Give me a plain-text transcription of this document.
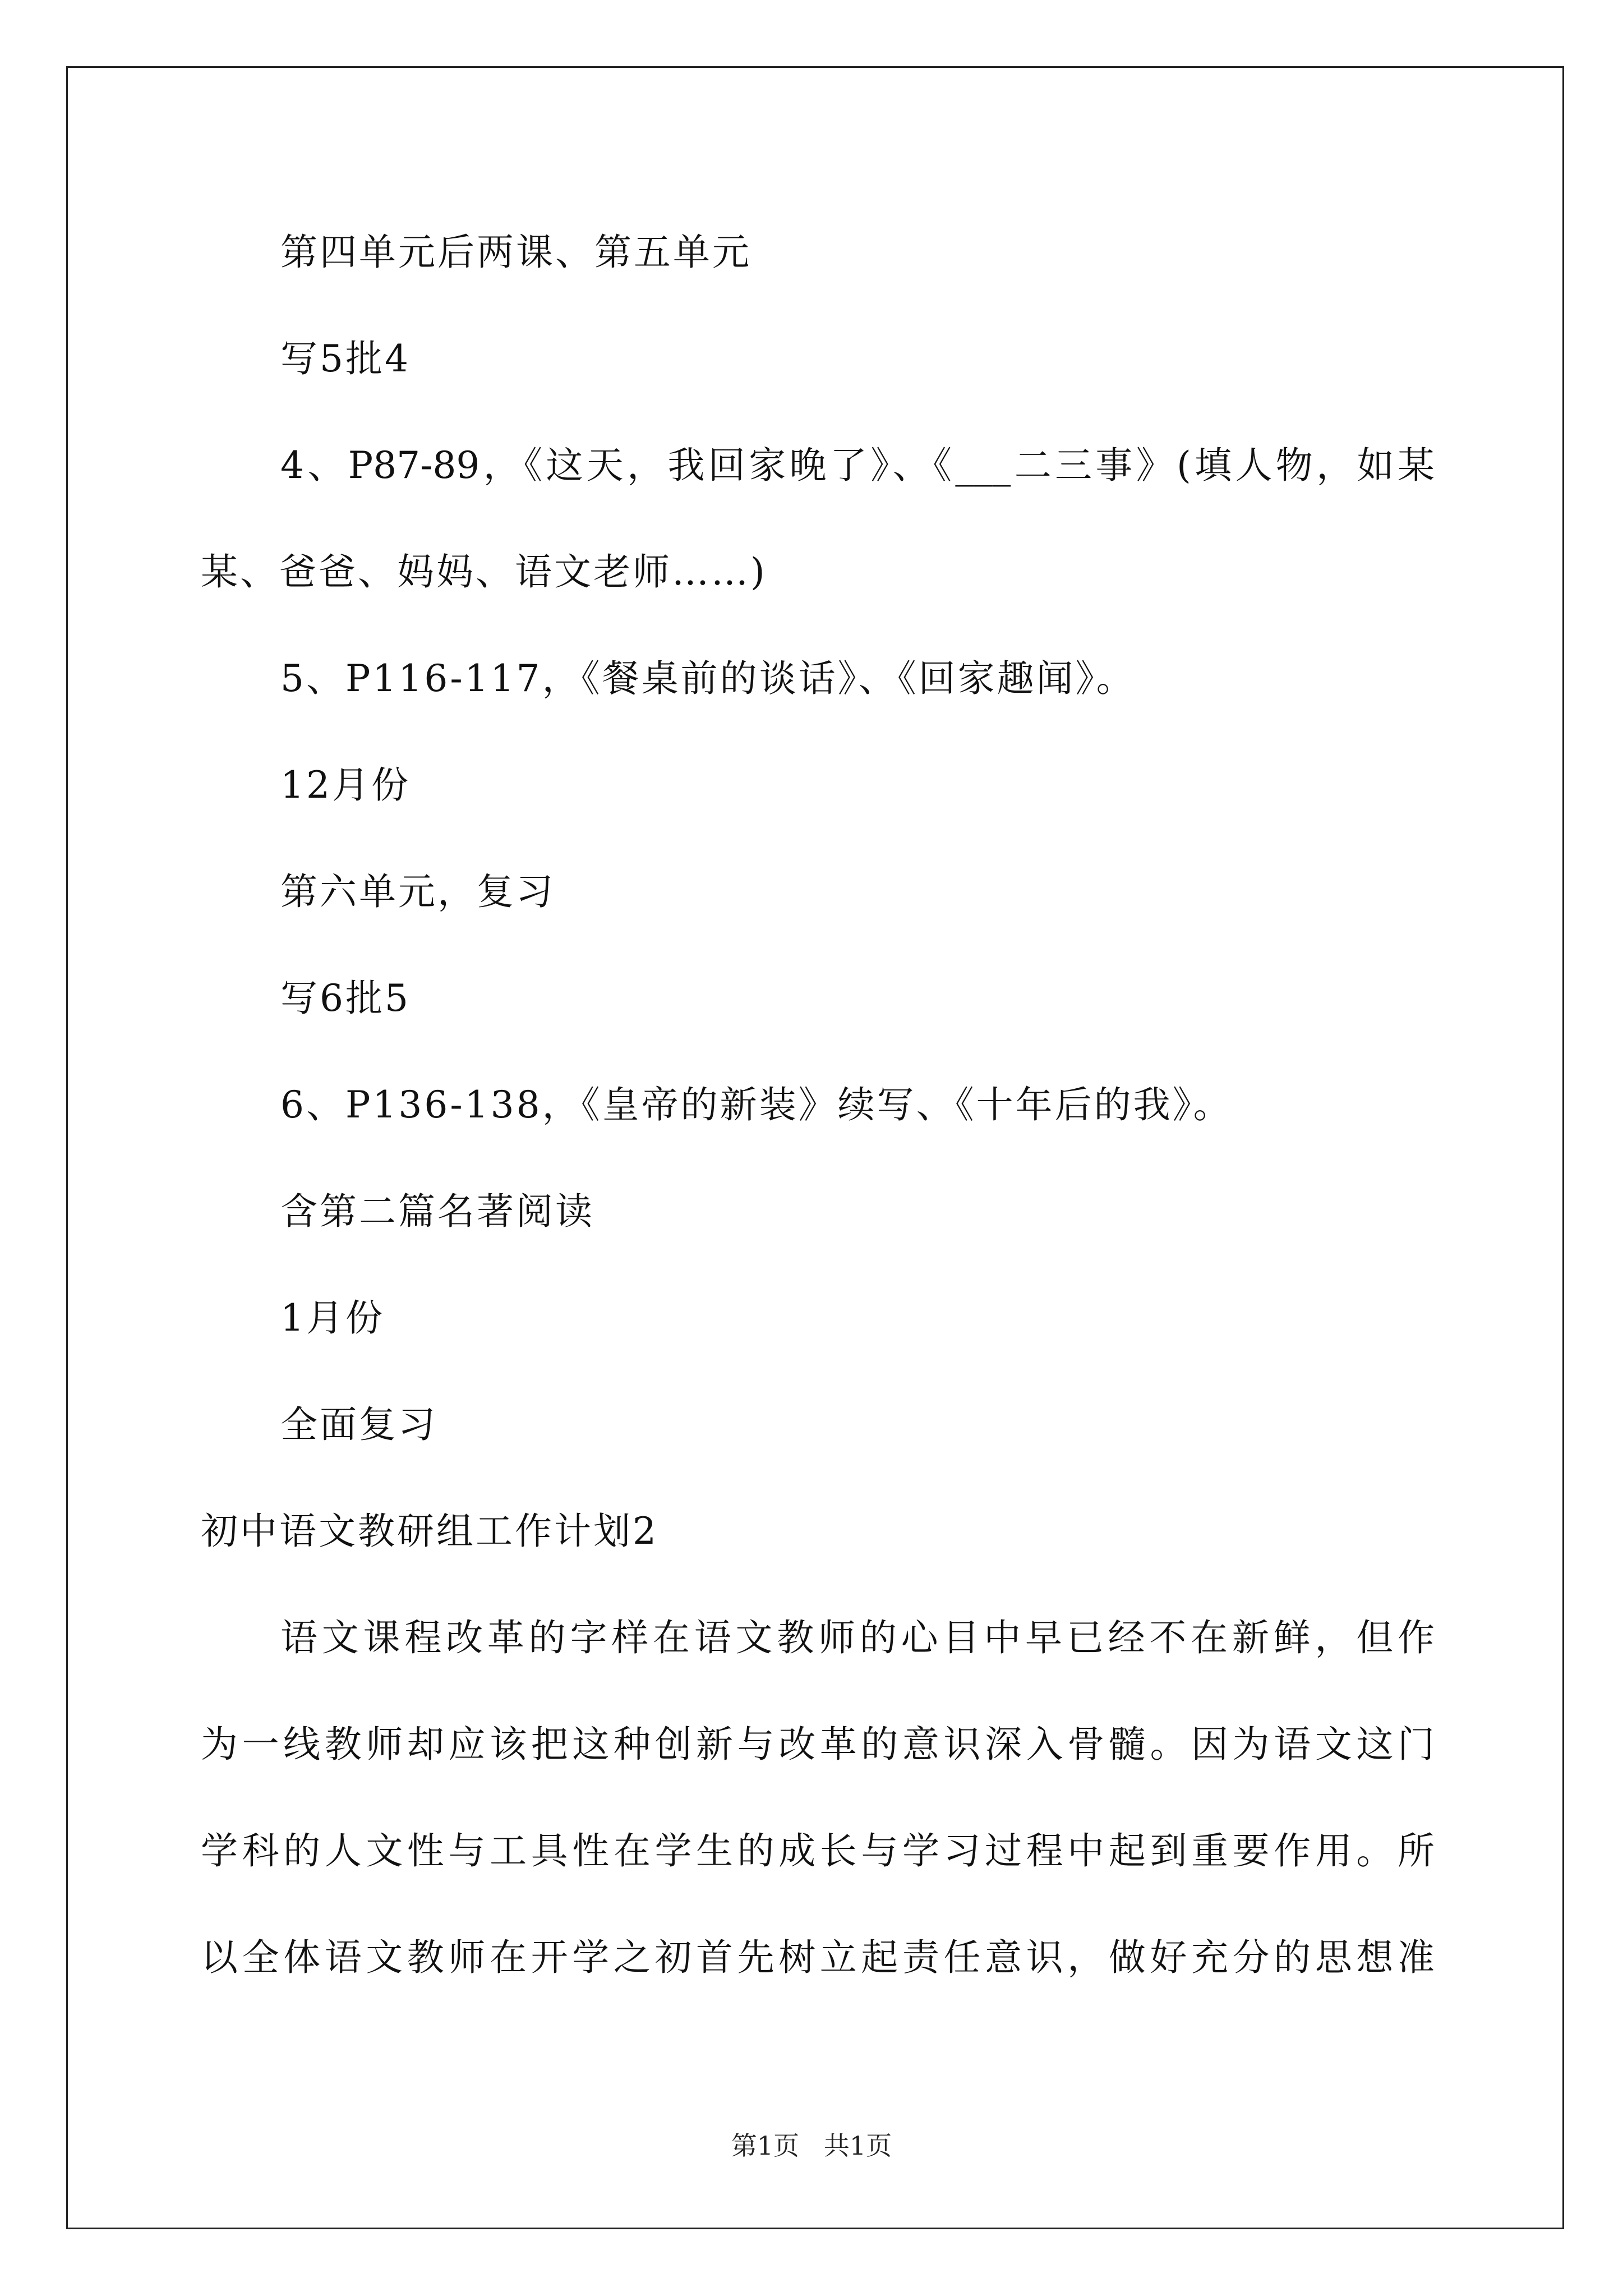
第四单元后两课、第五单元
写5批4
4、P87-89，《这天，我回家晚了》、《___二三事》(填人物，如某
某、爸爸、妈妈、语文老师……)
5、P116-117，《餐桌前的谈话》、《回家趣闻》。
12月份
第六单元，复习
写6批5
6、P136-138，《皇帝的新装》续写、《十年后的我》。
含第二篇名著阅读
1月份
全面复习
初中语文教研组工作计划2
语文课程改革的字样在语文教师的心目中早已经不在新鲜，但作
为一线教师却应该把这种创新与改革的意识深入骨髓。因为语文这门
学科的人文性与工具性在学生的成长与学习过程中起到重要作用。所
以全体语文教师在开学之初首先树立起责任意识，做好充分的思想准
第1页   共1页
